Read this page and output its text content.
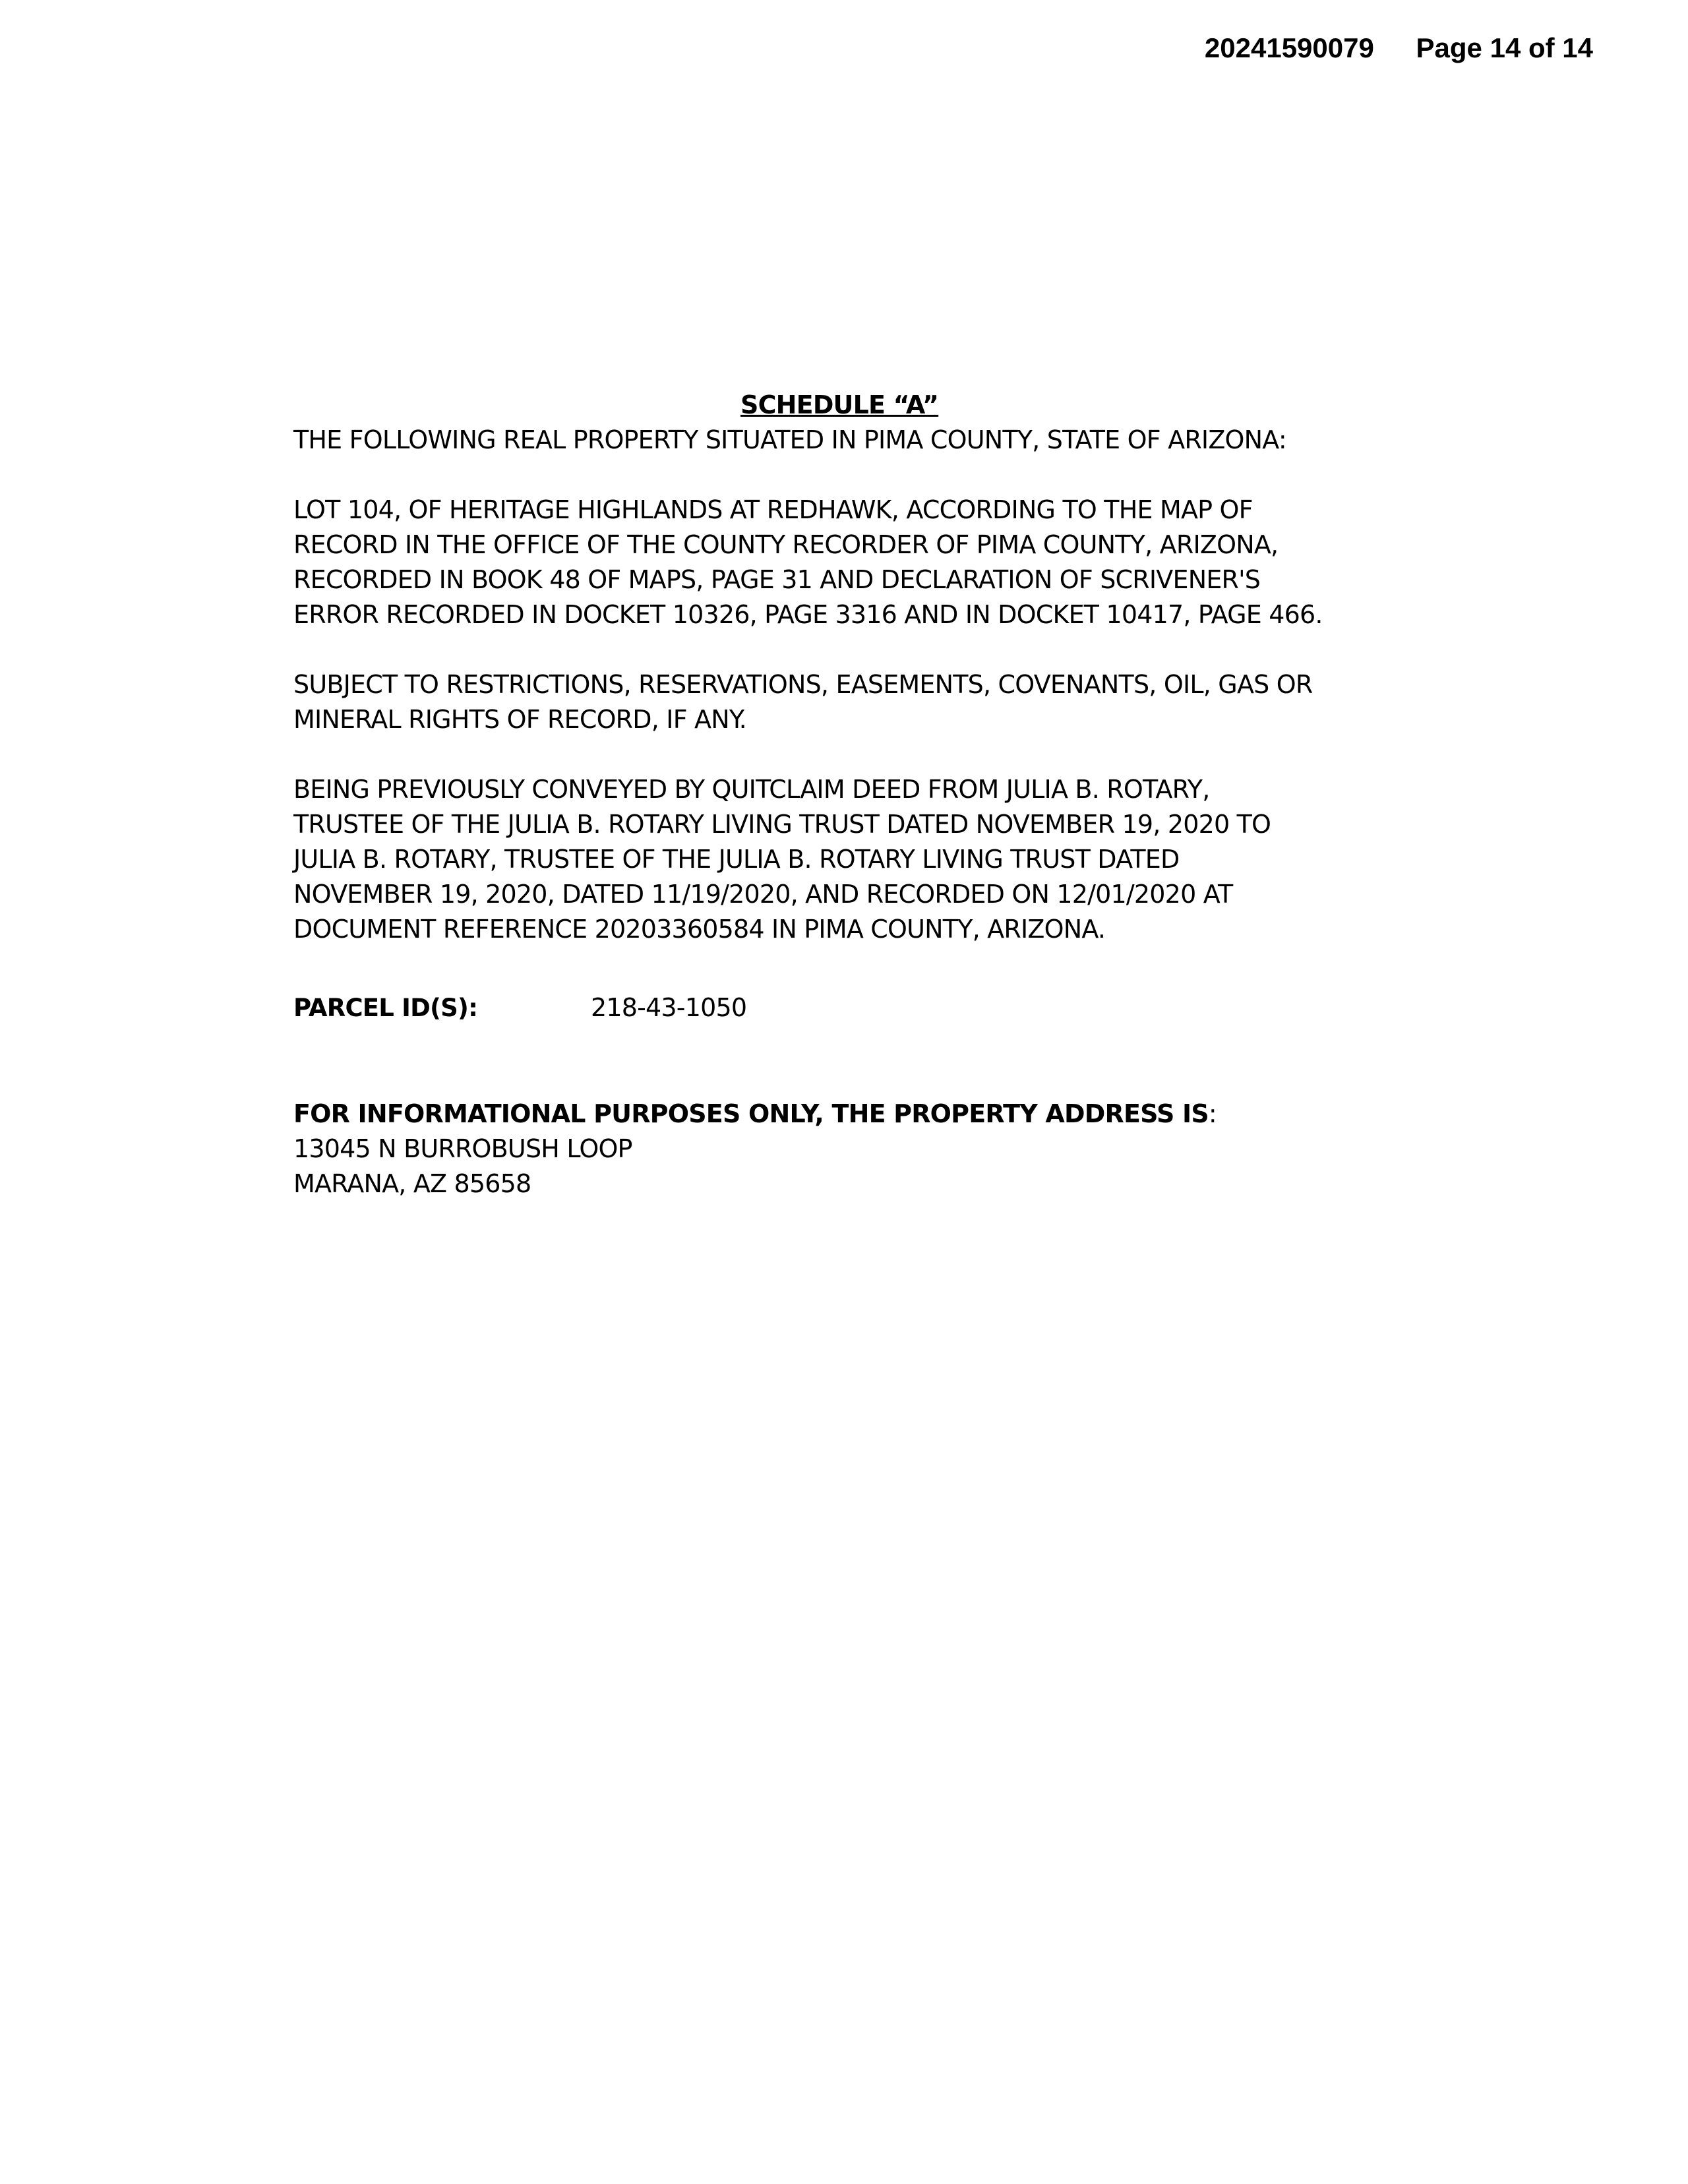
20241590079 Page 14 of 14
SCHEDULE “A”

THE FOLLOWING REAL PROPERTY SITUATED IN PIMA COUNTY, STATE OF ARIZONA:

LOT 104, OF HERITAGE HIGHLANDS AT REDHAWK, ACCORDING TO THE MAP OF
RECORD IN THE OFFICE OF THE COUNTY RECORDER OF PIMA COUNTY, ARIZONA,
RECORDED IN BOOK 48 OF MAPS, PAGE 31 AND DECLARATION OF SCRIVENER'S
ERROR RECORDED IN DOCKET 10326, PAGE 3316 AND IN DOCKET 10417, PAGE 466.

SUBJECT TO RESTRICTIONS, RESERVATIONS, EASEMENTS, COVENANTS, OIL, GAS OR
MINERAL RIGHTS OF RECORD, IF ANY.

BEING PREVIOUSLY CONVEYED BY QUITCLAIM DEED FROM JULIA B. ROTARY,
TRUSTEE OF THE JULIA B. ROTARY LIVING TRUST DATED NOVEMBER 19, 2020 TO
JULIA B. ROTARY, TRUSTEE OF THE JULIA B. ROTARY LIVING TRUST DATED
NOVEMBER 19, 2020, DATED 11/19/2020, AND RECORDED ON 12/01/2020 AT
DOCUMENT REFERENCE 20203360584 IN PIMA COUNTY, ARIZONA.

PARCEL ID(S):	218-43-1050
FOR INFORMATIONAL PURPOSES ONLY, THE PROPERTY ADDRESS IS:
13045 N BURROBUSH LOOP
MARANA, AZ 85658
